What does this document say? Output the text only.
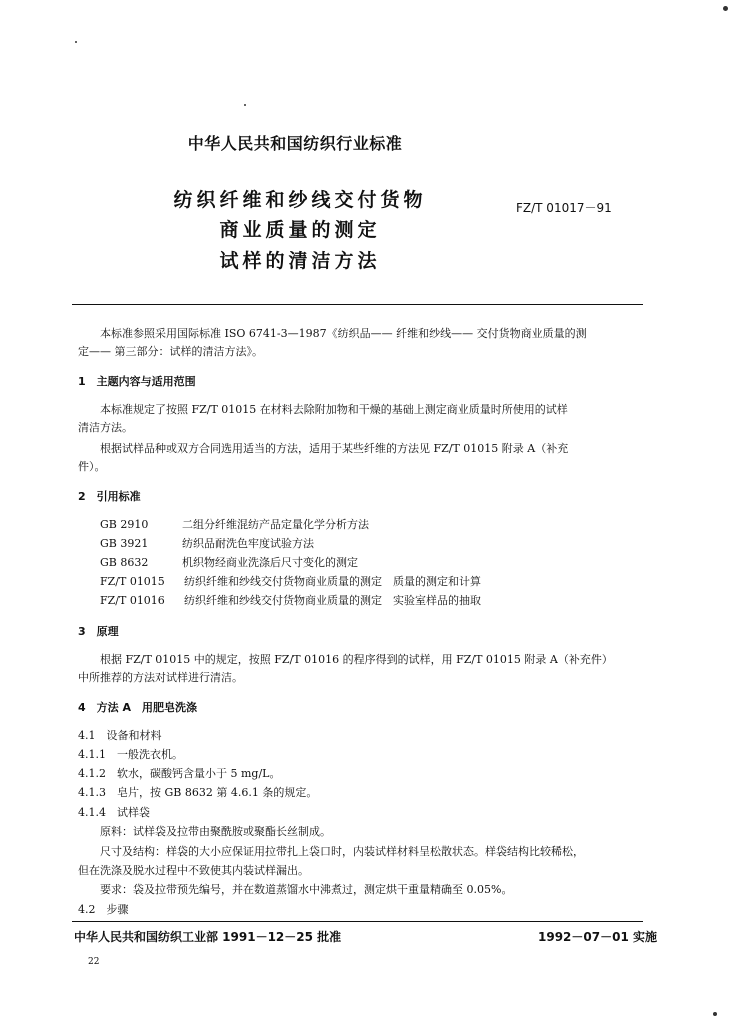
中华人民共和国纺织行业标准
纺织纤维和纱线交付货物
商业质量的测定
试样的清洁方法
FZ/T 01017－91
本标准参照采用国际标准 ISO 6741-3—1987《纺织品—— 纤维和纱线—— 交付货物商业质量的测
定—— 第三部分：试样的清洁方法》。
1　主题内容与适用范围
本标准规定了按照 FZ/T 01015 在材料去除附加物和干燥的基础上测定商业质量时所使用的试样
清洁方法。
根据试样品种或双方合同选用适当的方法，适用于某些纤维的方法见 FZ/T 01015 附录 A（补充
件）。
2　引用标准
GB 2910	二组分纤维混纺产品定量化学分析方法
GB 3921	纺织品耐洗色牢度试验方法
GB 8632	机织物经商业洗涤后尺寸变化的测定
FZ/T 01015 纺织纤维和纱线交付货物商业质量的测定　质量的测定和计算
FZ/T 01016 纺织纤维和纱线交付货物商业质量的测定　实验室样品的抽取
3　原理
根据 FZ/T 01015 中的规定，按照 FZ/T 01016 的程序得到的试样，用 FZ/T 01015 附录 A（补充件）
中所推荐的方法对试样进行清洁。
4　方法 A　用肥皂洗涤
4.1　设备和材料
4.1.1　一般洗衣机。
4.1.2　软水，碳酸钙含量小于 5 mg/L。
4.1.3　皂片，按 GB 8632 第 4.6.1 条的规定。
4.1.4　试样袋
原料：试样袋及拉带由聚酰胺或聚酯长丝制成。
尺寸及结构：样袋的大小应保证用拉带扎上袋口时，内装试样材料呈松散状态。样袋结构比较稀松，
但在洗涤及脱水过程中不致使其内装试样漏出。
要求：袋及拉带预先编号，并在数道蒸馏水中沸煮过，测定烘干重量精确至 0.05%。
4.2　步骤
中华人民共和国纺织工业部 1991－12－25 批准	1992－07－01 实施
22
